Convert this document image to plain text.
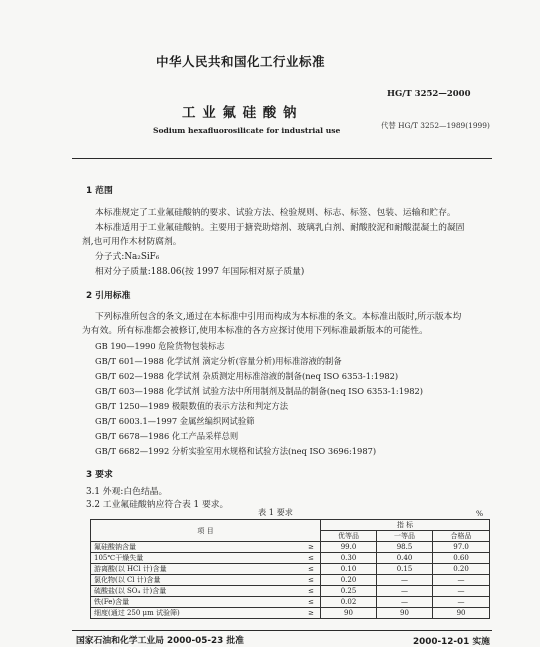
中华人民共和国化工行业标准
HG/T 3252—2000
工 业 氟 硅 酸 钠
Sodium hexafluorosilicate for industrial use
代替 HG/T 3252—1989(1999)
1 范围
本标准规定了工业氟硅酸钠的要求、试验方法、检验规则、标志、标签、包装、运输和贮存。
本标准适用于工业氟硅酸钠。主要用于搪瓷助熔剂、玻璃乳白剂、耐酸胶泥和耐酸混凝土的凝固
剂,也可用作木材防腐剂。
分子式:Na₂SiF₆
相对分子质量:188.06(按 1997 年国际相对原子质量)
2 引用标准
下列标准所包含的条文,通过在本标准中引用而构成为本标准的条文。本标准出版时,所示版本均
为有效。所有标准都会被修订,使用本标准的各方应探讨使用下列标准最新版本的可能性。
GB 190—1990 危险货物包装标志
GB/T 601—1988 化学试剂 滴定分析(容量分析)用标准溶液的制备
GB/T 602—1988 化学试剂 杂质测定用标准溶液的制备(neq ISO 6353-1:1982)
GB/T 603—1988 化学试剂 试验方法中所用制剂及制品的制备(neq ISO 6353-1:1982)
GB/T 1250—1989 极限数值的表示方法和判定方法
GB/T 6003.1—1997 金属丝编织网试验筛
GB/T 6678—1986 化工产品采样总则
GB/T 6682—1992 分析实验室用水规格和试验方法(neq ISO 3696:1987)
3 要求
3.1 外观:白色结晶。
3.2 工业氟硅酸钠应符合表 1 要求。
表 1 要求	%
项 目		指 标		
		优等品	一等品	合格品
氟硅酸钠含量	≥	99.0	98.5	97.0
105℃干燥失量	≤	0.30	0.40	0.60
游离酸(以 HCl 计)含量	≤	0.10	0.15	0.20
氯化物(以 Cl 计)含量	≤	0.20	—	—
硫酸盐(以 SO₄ 计)含量	≤	0.25	—	—
铁(Fe)含量	≤	0.02	—	—
细度(通过 250 μm 试验筛)	≥	90	90	90
国家石油和化学工业局 2000-05-23 批准	2000-12-01 实施
